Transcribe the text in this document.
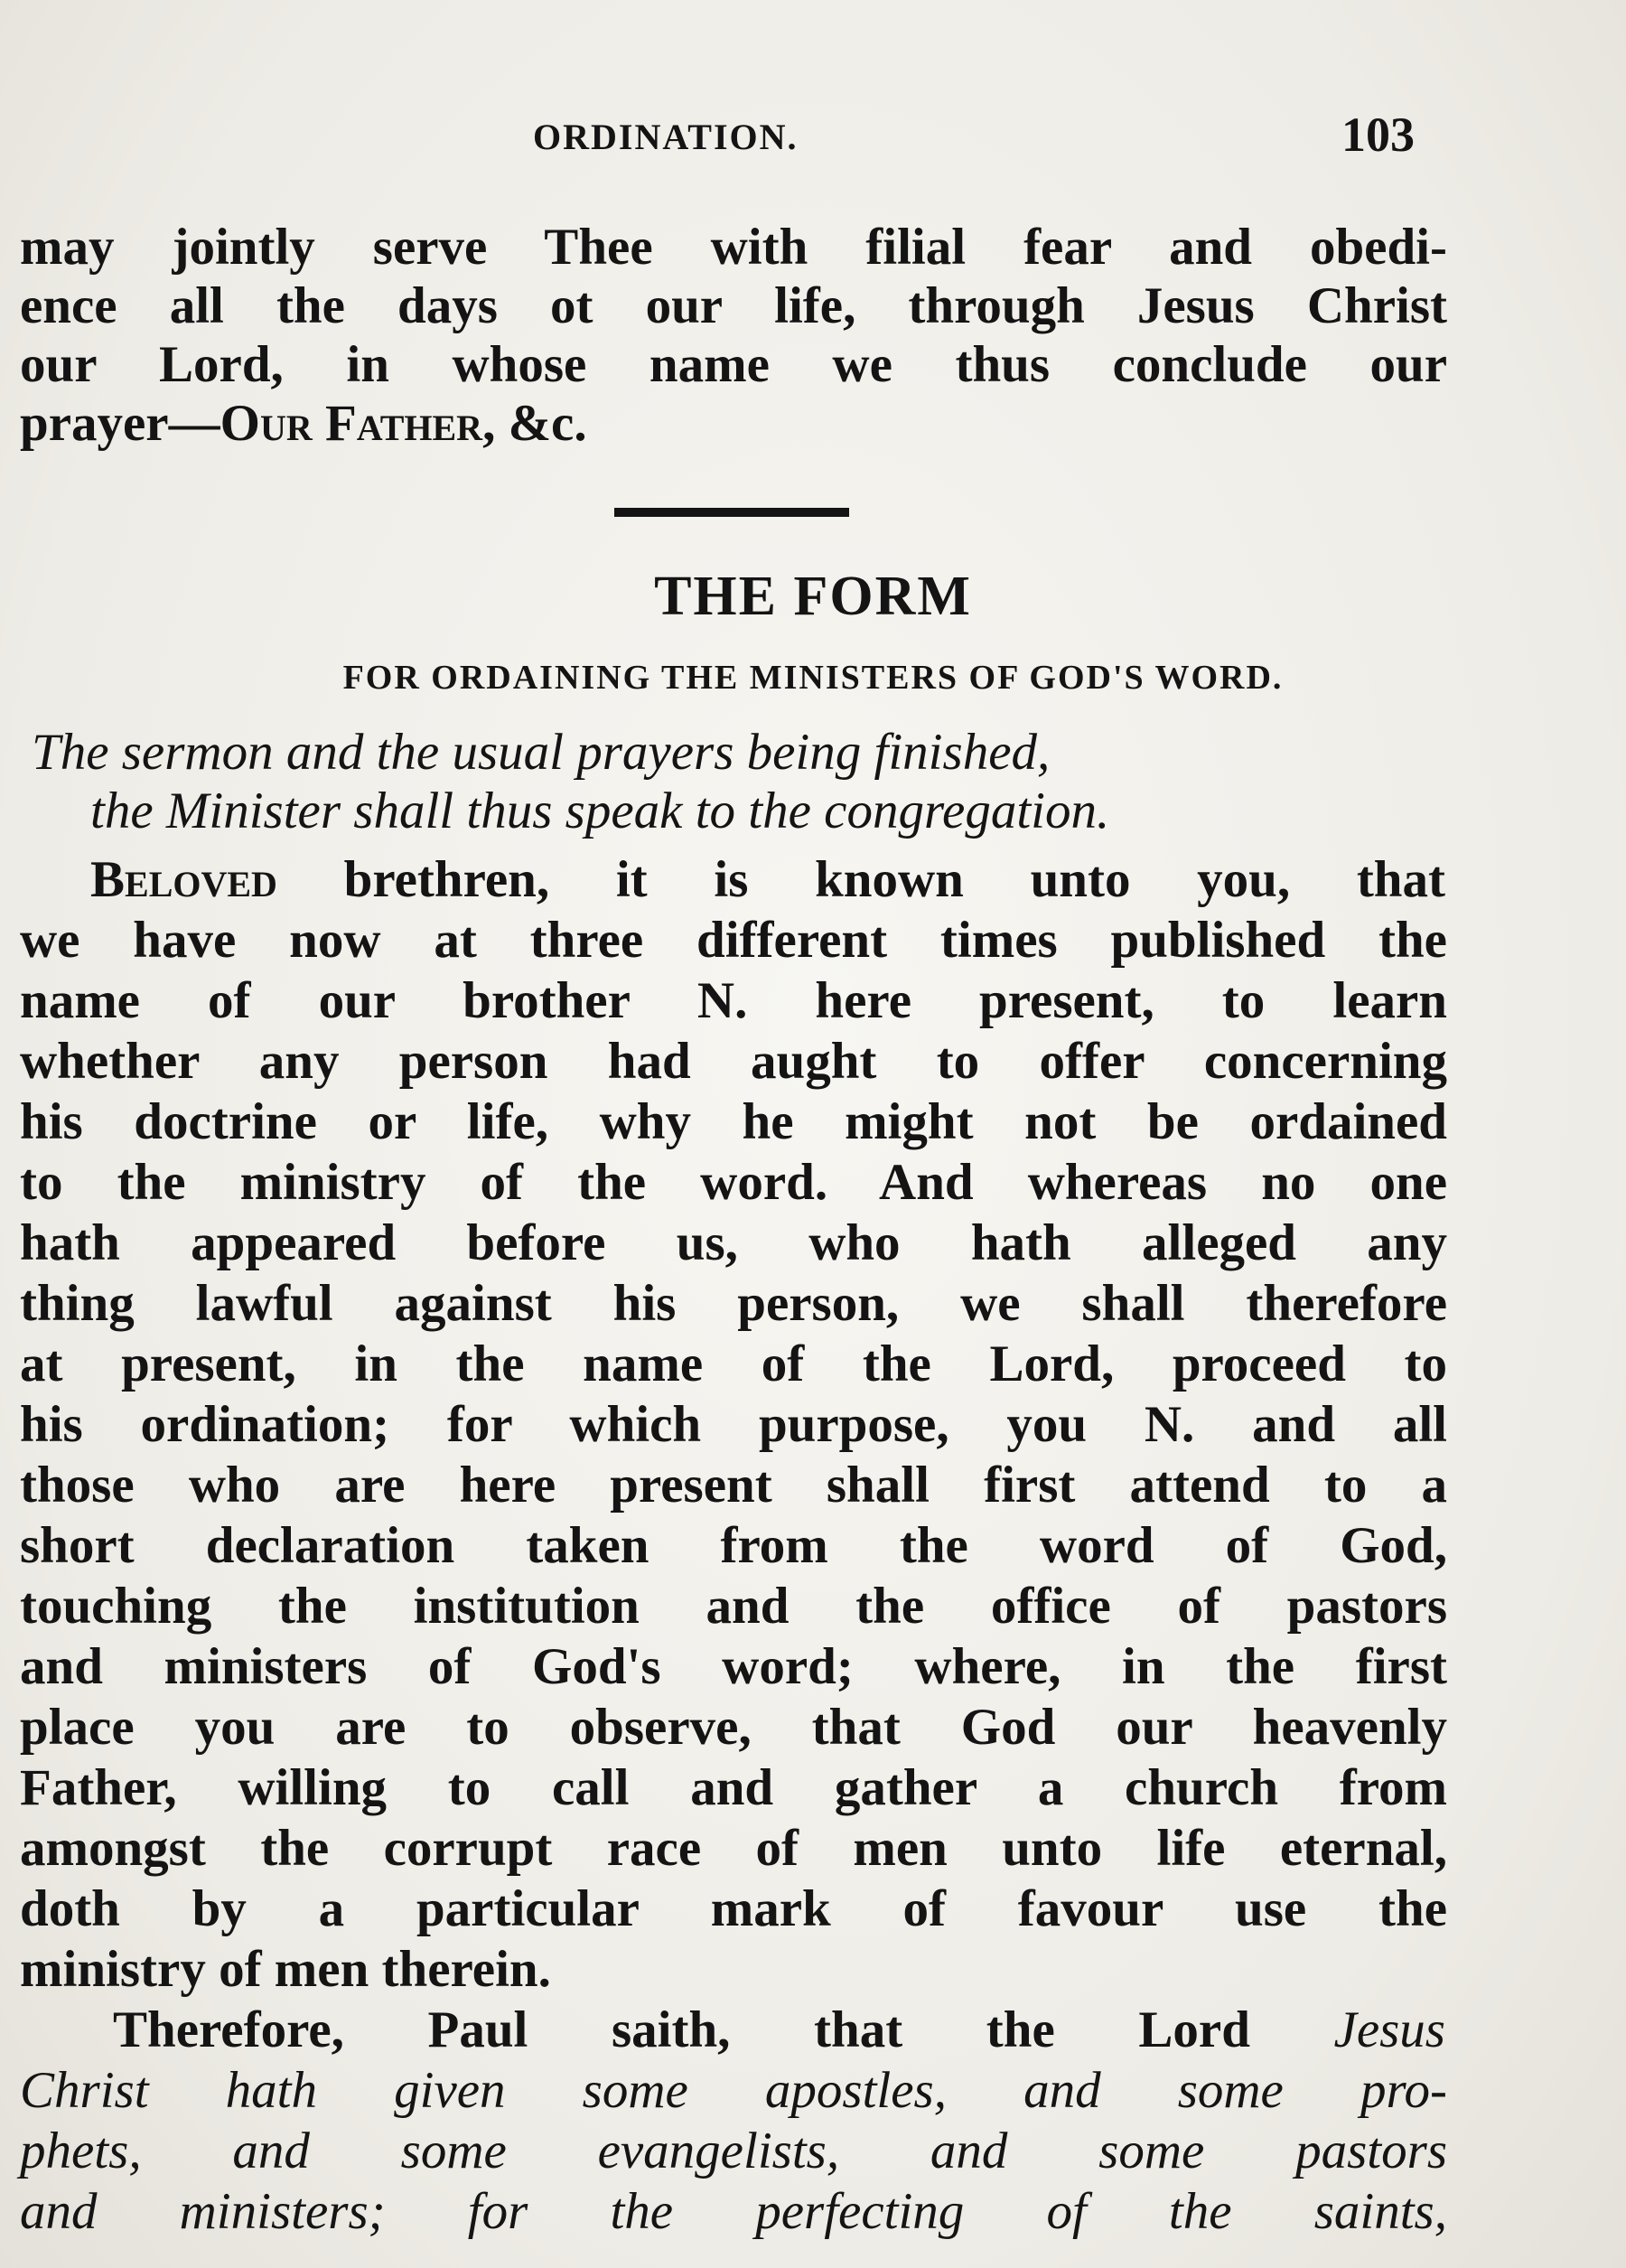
ORDINATION.	103
may jointly serve Thee with filial fear and obedi-
ence all the days ot our life, through Jesus Christ
our Lord, in whose name we thus conclude our
prayer—Our Father, &c.
THE FORM
FOR ORDAINING THE MINISTERS OF GOD'S WORD.
The sermon and the usual prayers being finished,
the Minister shall thus speak to the congregation.
Beloved brethren, it is known unto you, that
we have now at three different times published the
name of our brother N. here present, to learn
whether any person had aught to offer concerning
his doctrine or life, why he might not be ordained
to the ministry of the word. And whereas no one
hath appeared before us, who hath alleged any
thing lawful against his person, we shall therefore
at present, in the name of the Lord, proceed to
his ordination; for which purpose, you N. and all
those who are here present shall first attend to a
short declaration taken from the word of God,
touching the institution and the office of pastors
and ministers of God's word; where, in the first
place you are to observe, that God our heavenly
Father, willing to call and gather a church from
amongst the corrupt race of men unto life eternal,
doth by a particular mark of favour use the
ministry of men therein.
Therefore, Paul saith, that the Lord Jesus
Christ hath given some apostles, and some pro-
phets, and some evangelists, and some pastors
and ministers; for the perfecting of the saints,
